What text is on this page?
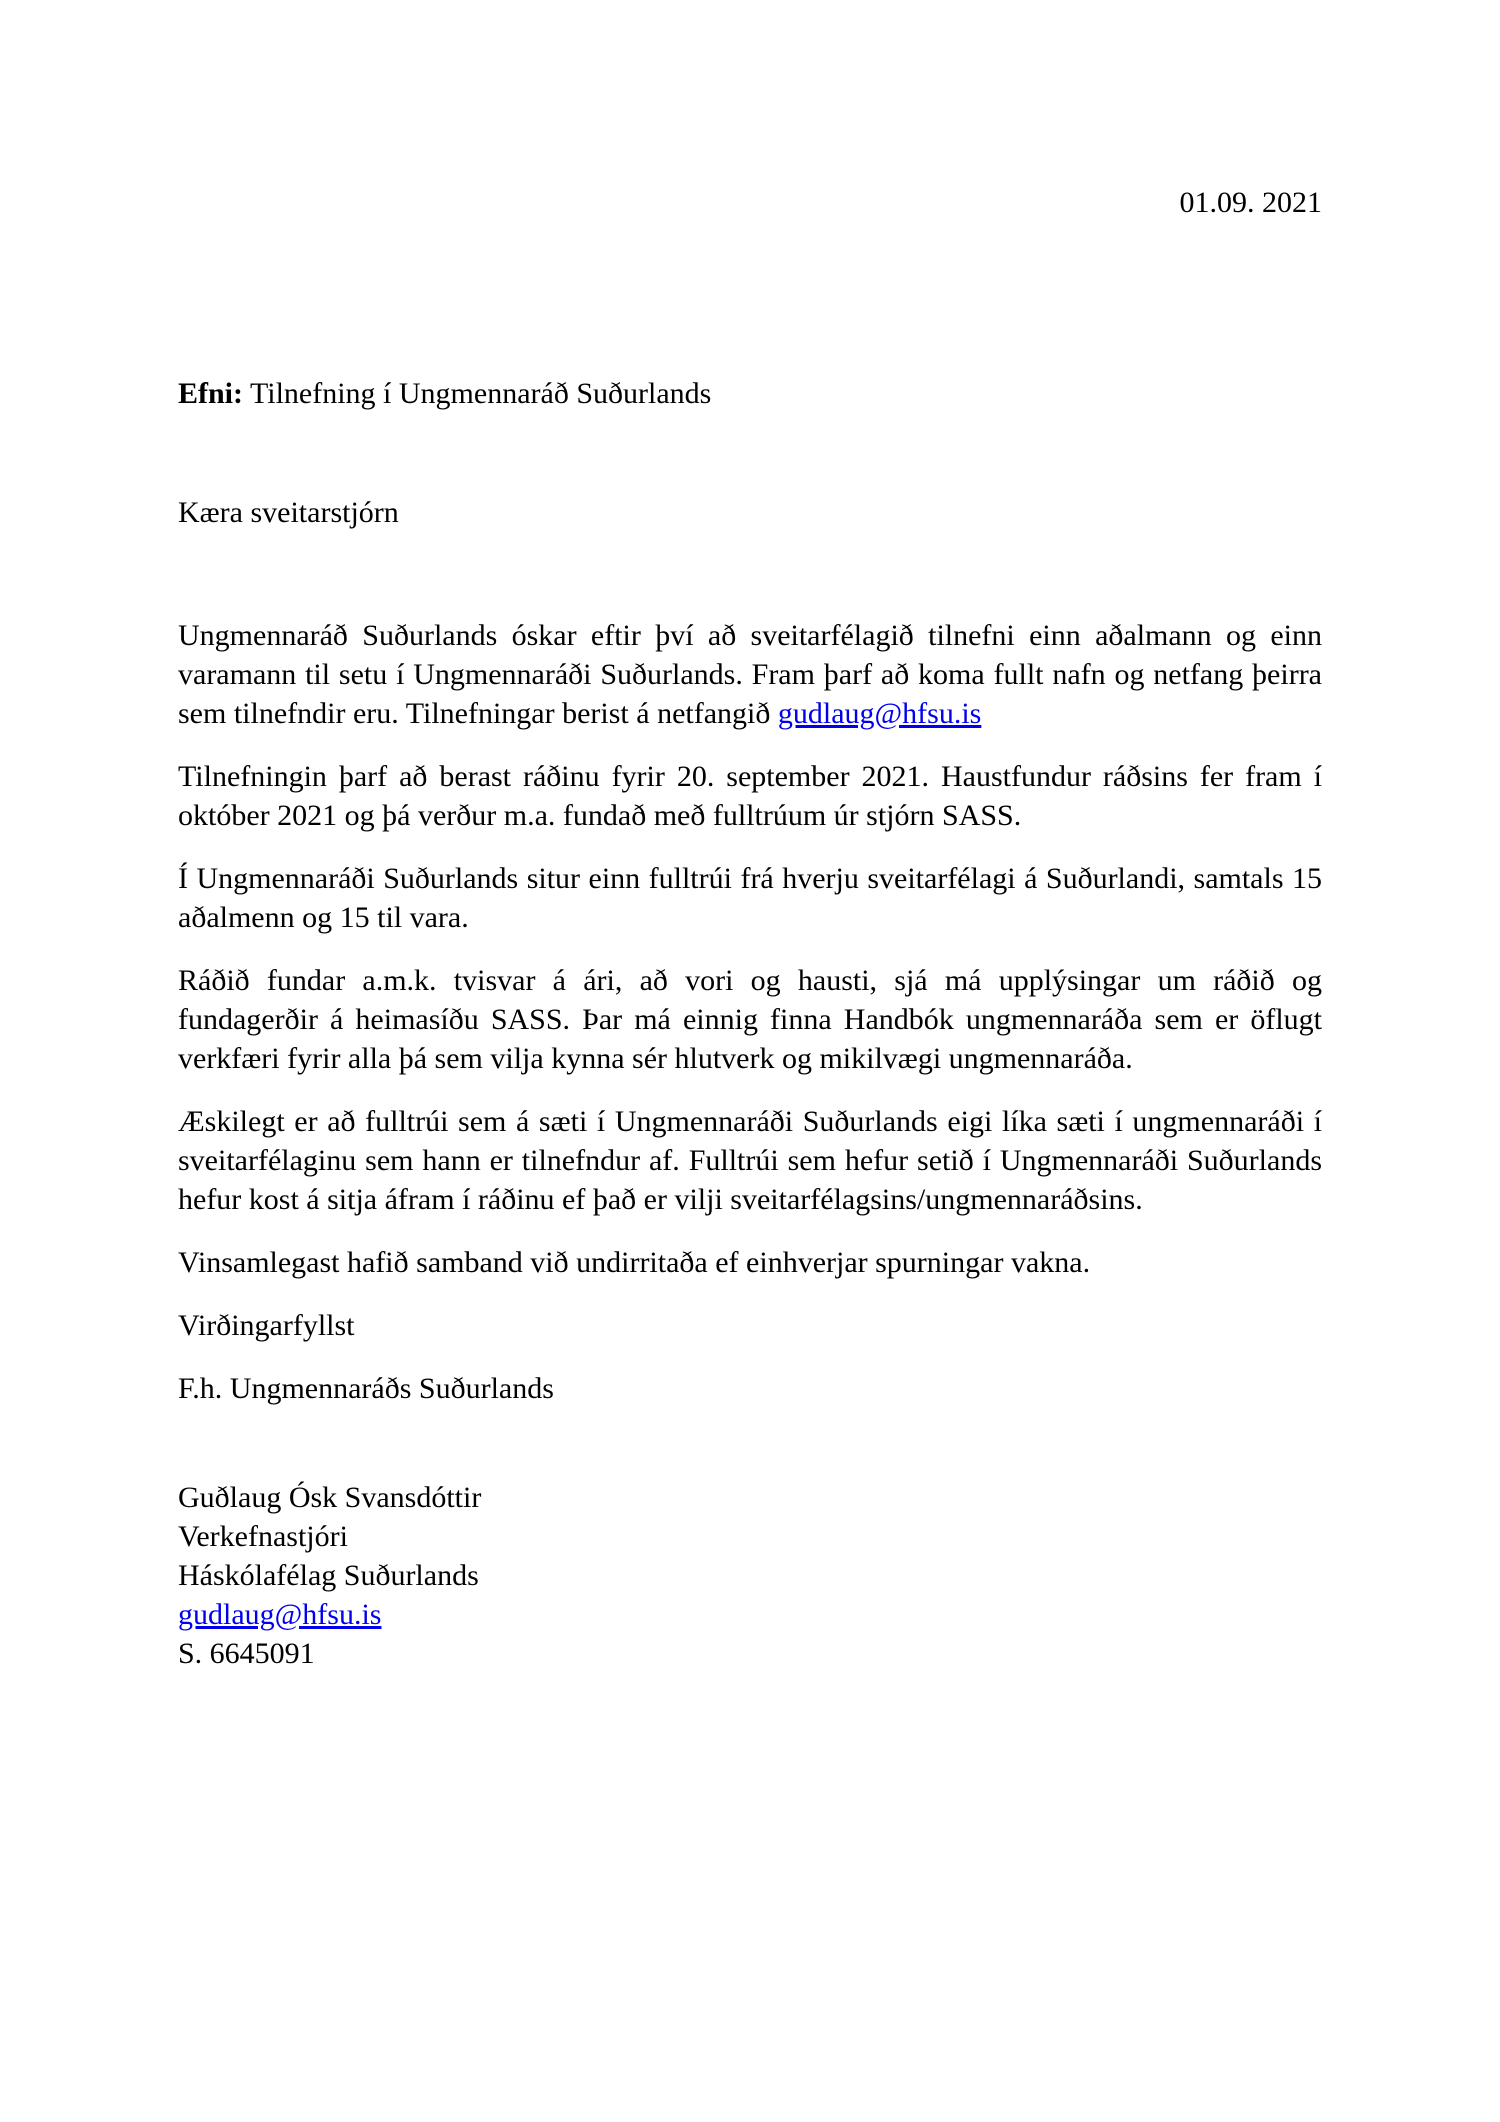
01.09. 2021
Efni: Tilnefning í Ungmennaráð Suðurlands
Kæra sveitarstjórn

Ungmennaráð Suðurlands óskar eftir því að sveitarfélagið tilnefni einn aðalmann og einn varamann til setu í Ungmennaráði Suðurlands. Fram þarf að koma fullt nafn og netfang þeirra sem tilnefndir eru. Tilnefningar berist á netfangið gudlaug@hfsu.is

Tilnefningin þarf að berast ráðinu fyrir 20. september 2021. Haustfundur ráðsins fer fram í október 2021 og þá verður m.a. fundað með fulltrúum úr stjórn SASS.

Í Ungmennaráði Suðurlands situr einn fulltrúi frá hverju sveitarfélagi á Suðurlandi, samtals 15 aðalmenn og 15 til vara.

Ráðið fundar a.m.k. tvisvar á ári, að vori og hausti, sjá má upplýsingar um ráðið og fundagerðir á heimasíðu SASS. Þar má einnig finna Handbók ungmennaráða sem er öflugt verkfæri fyrir alla þá sem vilja kynna sér hlutverk og mikilvægi ungmennaráða.

Æskilegt er að fulltrúi sem á sæti í Ungmennaráði Suðurlands eigi líka sæti í ungmennaráði í sveitarfélaginu sem hann er tilnefndur af. Fulltrúi sem hefur setið í Ungmennaráði Suðurlands hefur kost á sitja áfram í ráðinu ef það er vilji sveitarfélagsins/ungmennaráðsins.

Vinsamlegast hafið samband við undirritaða ef einhverjar spurningar vakna.

Virðingarfyllst

F.h. Ungmennaráðs Suðurlands

Guðlaug Ósk Svansdóttir
Verkefnastjóri
Háskólafélag Suðurlands
gudlaug@hfsu.is
S. 6645091
